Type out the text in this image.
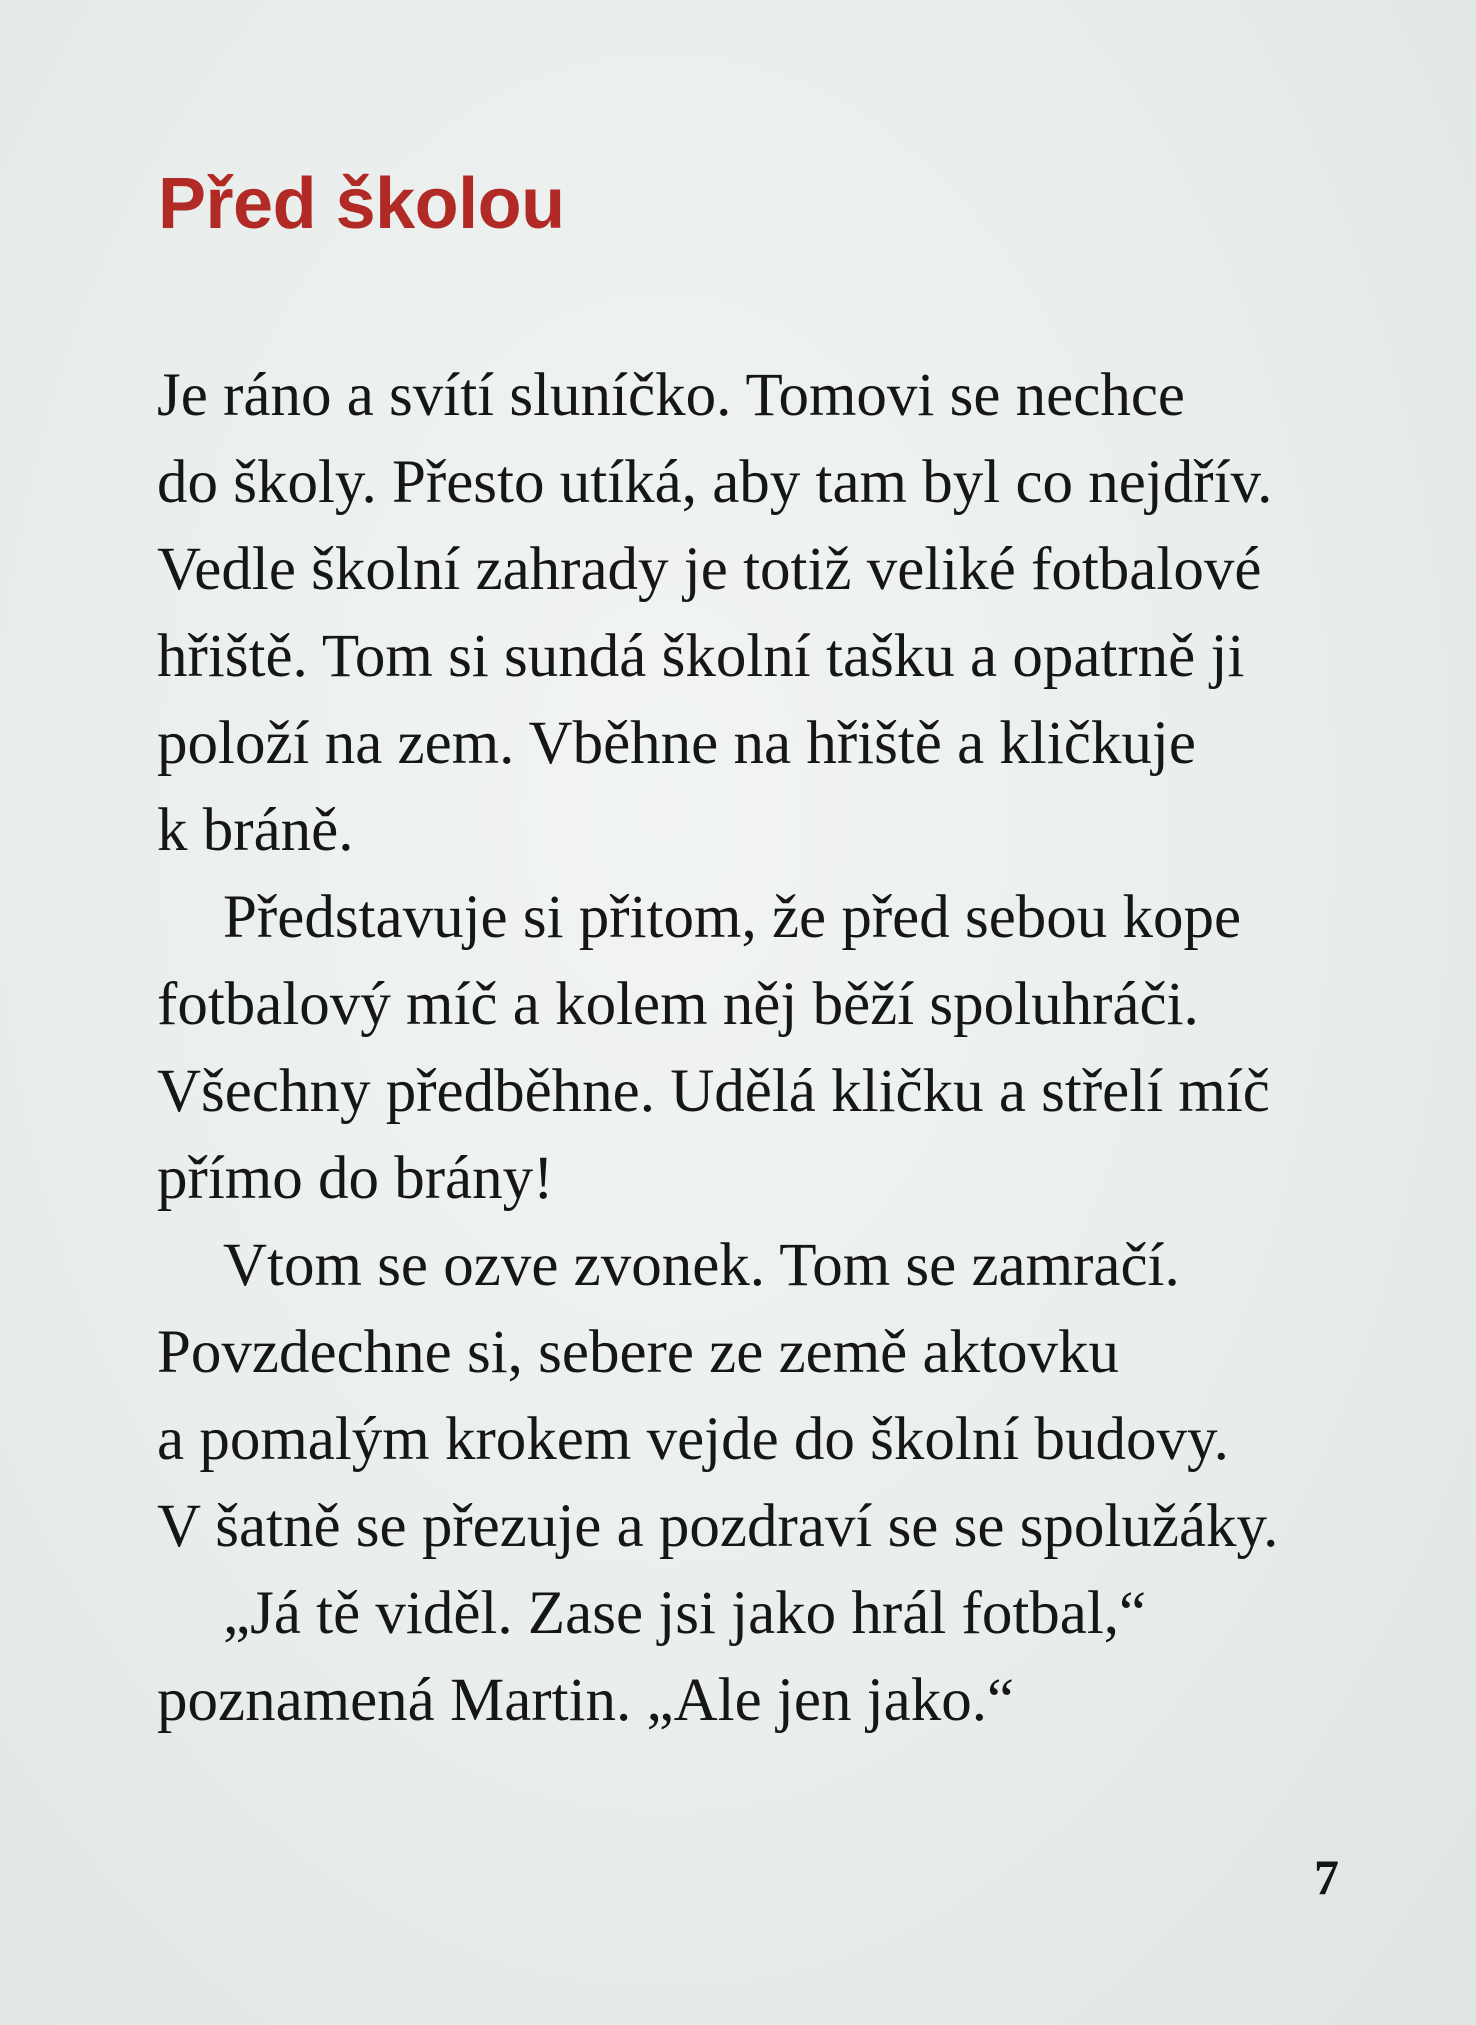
Před školou
Je ráno a svítí sluníčko. Tomovi se nechce
do školy. Přesto utíká, aby tam byl co nejdřív.
Vedle školní zahrady je totiž veliké fotbalové
hřiště. Tom si sundá školní tašku a opatrně ji
položí na zem. Vběhne na hřiště a kličkuje
k bráně.
Představuje si přitom, že před sebou kope
fotbalový míč a kolem něj běží spoluhráči.
Všechny předběhne. Udělá kličku a střelí míč
přímo do brány!
Vtom se ozve zvonek. Tom se zamračí.
Povzdechne si, sebere ze země aktovku
a pomalým krokem vejde do školní budovy.
V šatně se přezuje a pozdraví se se spolužáky.
„Já tě viděl. Zase jsi jako hrál fotbal,“
poznamená Martin. „Ale jen jako.“
7
